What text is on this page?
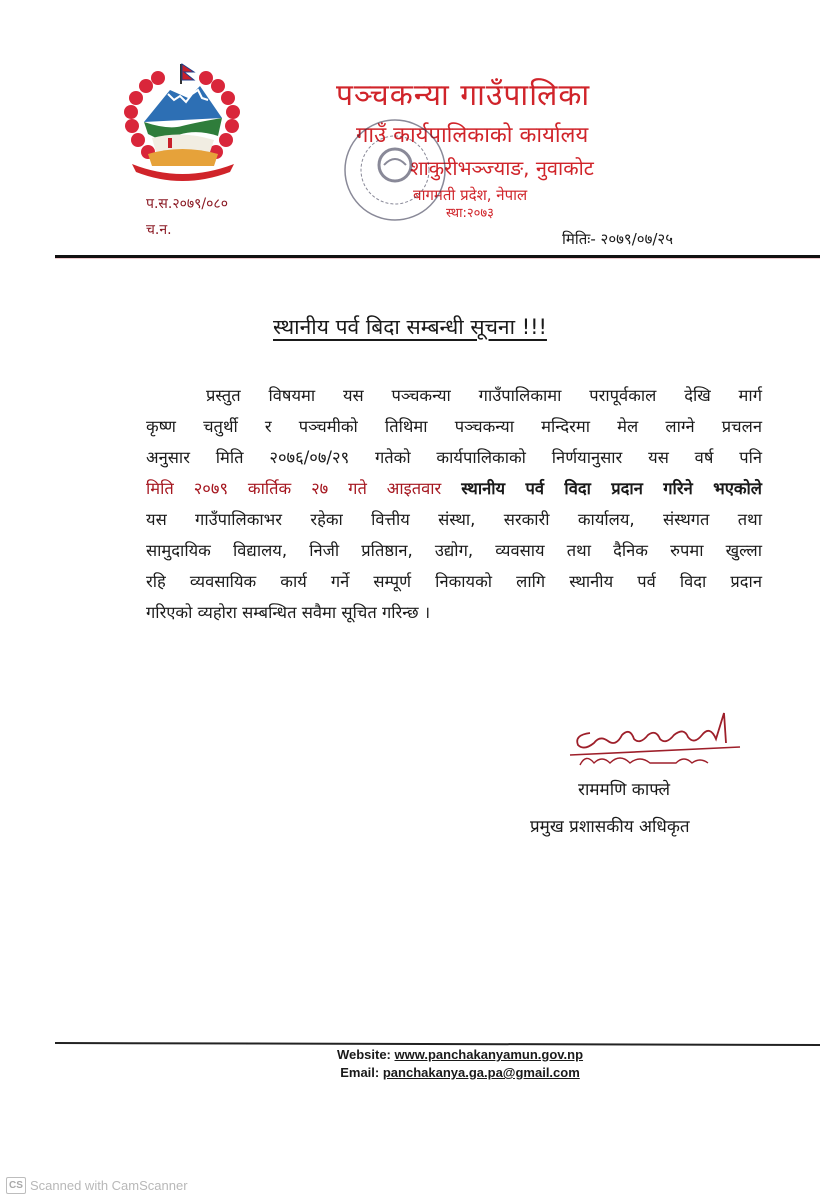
पञ्चकन्या गाउँपालिका
गाउँ कार्यपालिकाको कार्यालय
शाकुरीभञ्ज्याङ, नुवाकोट
बागमती प्रदेश, नेपाल
स्था:२०७३
प.स.२०७९/०८०
च.न.	मितिः- २०७९/०७/२५
स्थानीय पर्व बिदा सम्बन्धी सूचना !!!
प्रस्तुत विषयमा यस पञ्चकन्या गाउँपालिकामा परापूर्वकाल देखि मार्ग
कृष्ण चतुर्थी र पञ्चमीको तिथिमा पञ्चकन्या मन्दिरमा मेल लाग्ने प्रचलन
अनुसार मिति २०७६/०७/२९ गतेको कार्यपालिकाको निर्णयानुसार यस वर्ष पनि
मिति २०७९ कार्तिक २७ गते आइतवार स्थानीय पर्व विदा प्रदान गरिने भएकोले
यस गाउँपालिकाभर रहेका वित्तीय संस्था, सरकारी कार्यालय, संस्थगत तथा
सामुदायिक विद्यालय, निजी प्रतिष्ठान, उद्योग, व्यवसाय तथा दैनिक रुपमा खुल्ला
रहि व्यवसायिक कार्य गर्ने सम्पूर्ण निकायको लागि स्थानीय पर्व विदा प्रदान
गरिएको व्यहोरा सम्बन्धित सवैमा सूचित गरिन्छ ।
राममणि काफ्ले
प्रमुख प्रशासकीय अधिकृत
Website: www.panchakanyamun.gov.np
Email: panchakanya.ga.pa@gmail.com
CS Scanned with CamScanner
